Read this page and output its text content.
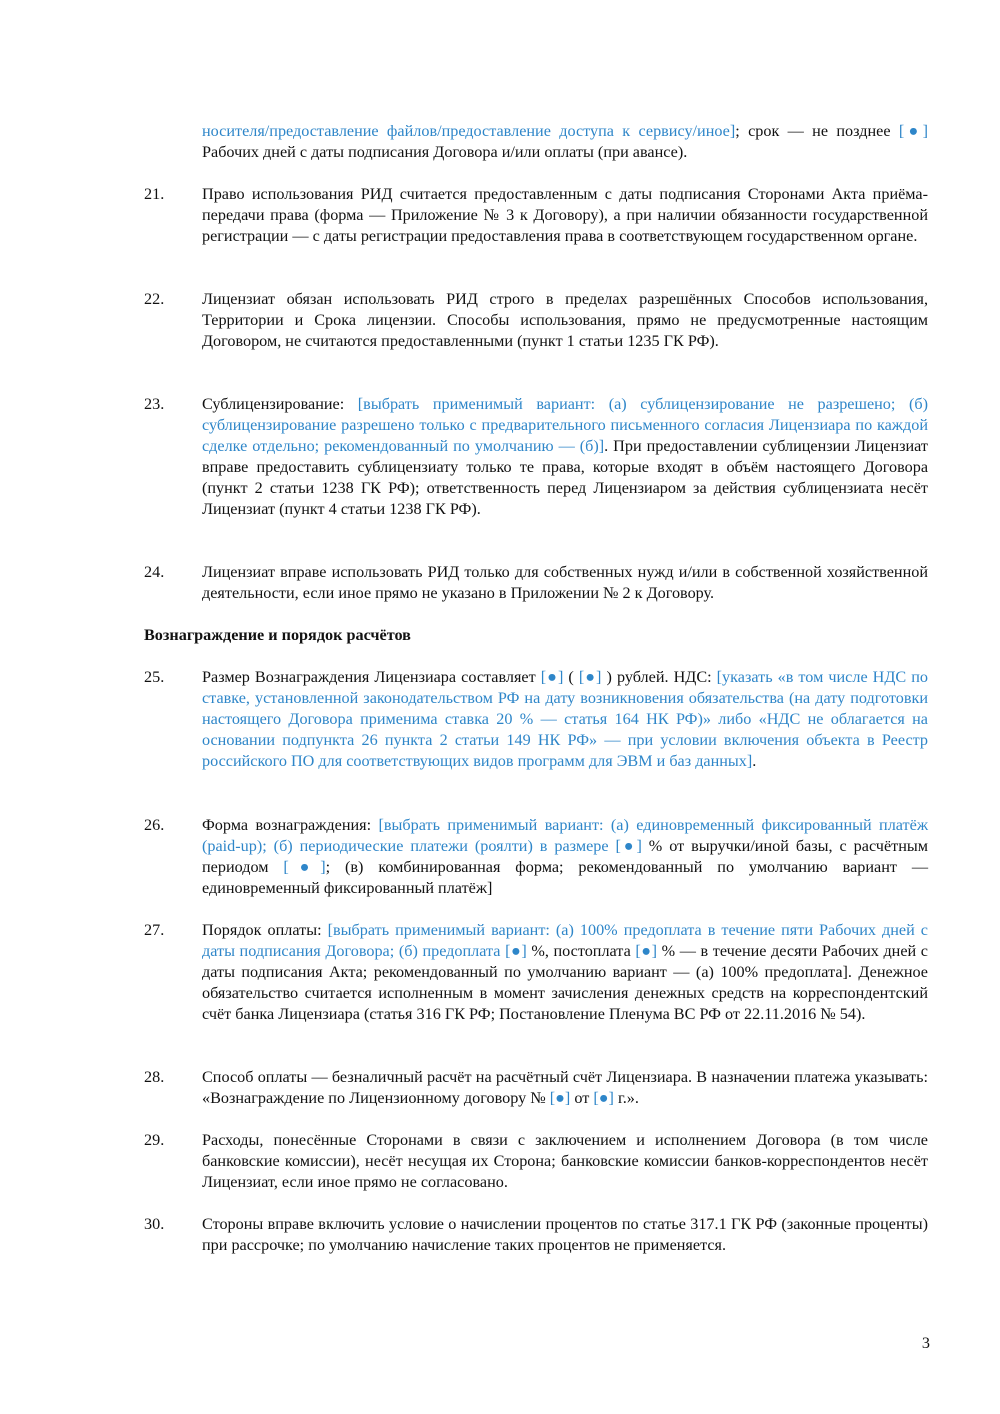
носителя/предоставление файлов/предоставление доступа к сервису/иное]; срок — не позднее [●] Рабочих дней с даты подписания Договора и/или оплаты (при авансе).
21.	Право использования РИД считается предоставленным с даты подписания Сторонами Акта приёма-передачи права (форма — Приложение № 3 к Договору), а при наличии обязанности государственной регистрации — с даты регистрации предоставления права в соответствующем государственном органе.
22.	Лицензиат обязан использовать РИД строго в пределах разрешённых Способов использования, Территории и Срока лицензии. Способы использования, прямо не предусмотренные настоящим Договором, не считаются предоставленными (пункт 1 статьи 1235 ГК РФ).
23.	Сублицензирование: [выбрать применимый вариант: (а) сублицензирование не разрешено; (б) сублицензирование разрешено только с предварительного письменного согласия Лицензиара по каждой сделке отдельно; рекомендованный по умолчанию — (б)]. При предоставлении сублицензии Лицензиат вправе предоставить сублицензиату только те права, которые входят в объём настоящего Договора (пункт 2 статьи 1238 ГК РФ); ответственность перед Лицензиаром за действия сублицензиата несёт Лицензиат (пункт 4 статьи 1238 ГК РФ).
24.	Лицензиат вправе использовать РИД только для собственных нужд и/или в собственной хозяйственной деятельности, если иное прямо не указано в Приложении № 2 к Договору.
Вознаграждение и порядок расчётов
25.	Размер Вознаграждения Лицензиара составляет [●] ( [●] ) рублей. НДС: [указать «в том числе НДС по ставке, установленной законодательством РФ на дату возникновения обязательства (на дату подготовки настоящего Договора применима ставка 20 % — статья 164 НК РФ)» либо «НДС не облагается на основании подпункта 26 пункта 2 статьи 149 НК РФ» — при условии включения объекта в Реестр российского ПО для соответствующих видов программ для ЭВМ и баз данных].
26.	Форма вознаграждения: [выбрать применимый вариант: (а) единовременный фиксированный платёж (paid-up); (б) периодические платежи (роялти) в размере [●] % от выручки/иной базы, с расчётным периодом [●]; (в) комбинированная форма; рекомендованный по умолчанию вариант — единовременный фиксированный платёж]
27.	Порядок оплаты: [выбрать применимый вариант: (а) 100% предоплата в течение пяти Рабочих дней с даты подписания Договора; (б) предоплата [●] %, постоплата [●] % — в течение десяти Рабочих дней с даты подписания Акта; рекомендованный по умолчанию вариант — (а) 100% предоплата]. Денежное обязательство считается исполненным в момент зачисления денежных средств на корреспондентский счёт банка Лицензиара (статья 316 ГК РФ; Постановление Пленума ВС РФ от 22.11.2016 № 54).
28.	Способ оплаты — безналичный расчёт на расчётный счёт Лицензиара. В назначении платежа указывать: «Вознаграждение по Лицензионному договору № [●] от [●] г.».
29.	Расходы, понесённые Сторонами в связи с заключением и исполнением Договора (в том числе банковские комиссии), несёт несущая их Сторона; банковские комиссии банков-корреспондентов несёт Лицензиат, если иное прямо не согласовано.
30.	Стороны вправе включить условие о начислении процентов по статье 317.1 ГК РФ (законные проценты) при рассрочке; по умолчанию начисление таких процентов не применяется.
3
